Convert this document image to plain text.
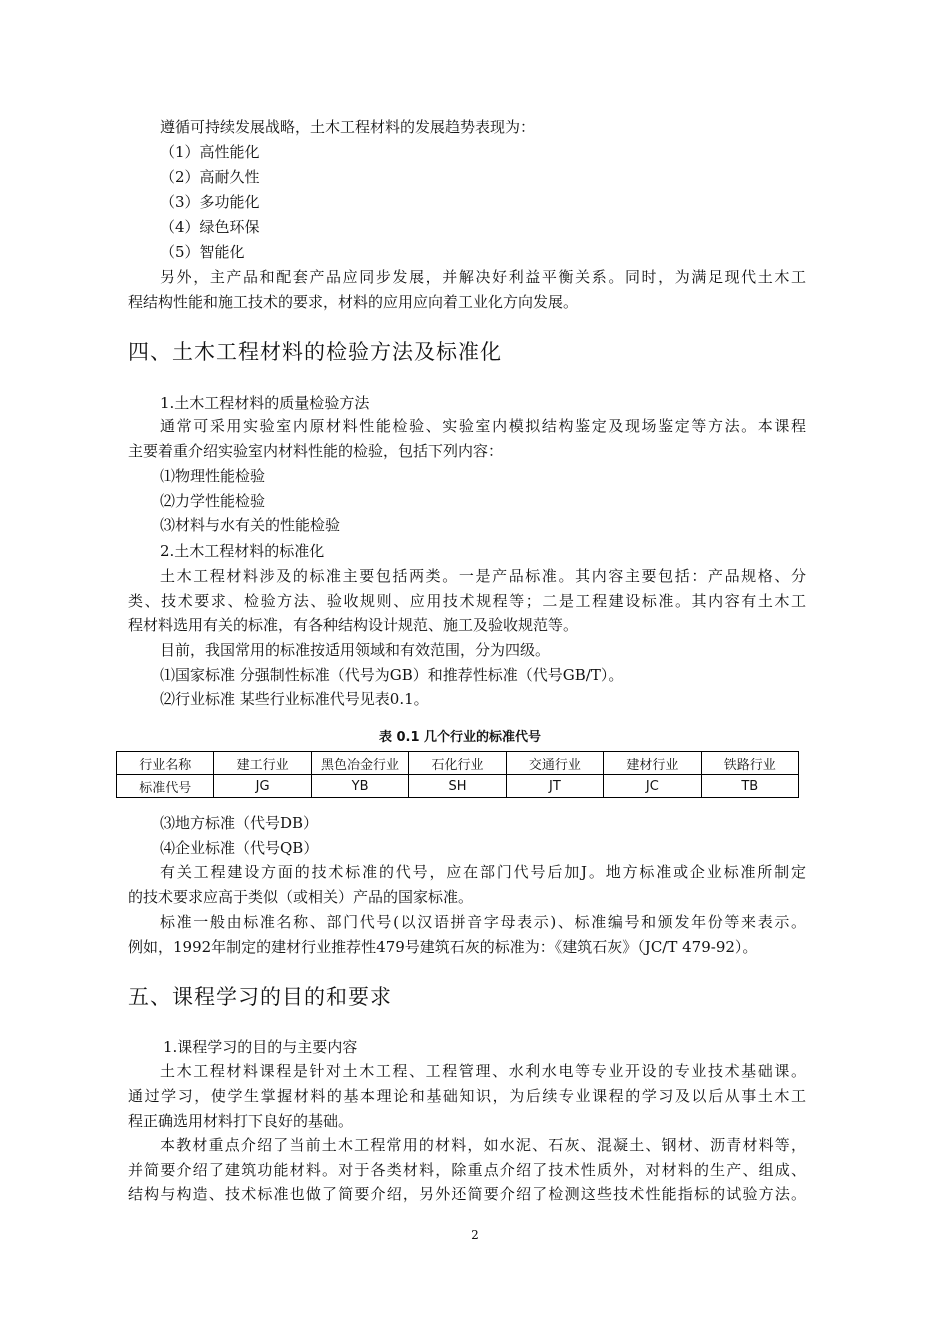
遵循可持续发展战略，土木工程材料的发展趋势表现为：
（1）高性能化
（2）高耐久性
（3）多功能化
（4）绿色环保
（5）智能化
另外，主产品和配套产品应同步发展，并解决好利益平衡关系。同时，为满足现代土木工
程结构性能和施工技术的要求，材料的应用应向着工业化方向发展。
四、土木工程材料的检验方法及标准化
1.土木工程材料的质量检验方法
通常可采用实验室内原材料性能检验、实验室内模拟结构鉴定及现场鉴定等方法。本课程
主要着重介绍实验室内材料性能的检验，包括下列内容：
⑴物理性能检验
⑵力学性能检验
⑶材料与水有关的性能检验
2.土木工程材料的标准化
土木工程材料涉及的标准主要包括两类。一是产品标准。其内容主要包括：产品规格、分
类、技术要求、检验方法、验收规则、应用技术规程等；二是工程建设标准。其内容有土木工
程材料选用有关的标准，有各种结构设计规范、施工及验收规范等。
目前，我国常用的标准按适用领域和有效范围，分为四级。
⑴国家标准 分强制性标准（代号为GB）和推荐性标准（代号GB/T）。
⑵行业标准 某些行业标准代号见表0.1。
表 0.1 几个行业的标准代号
行业名称	建工行业	黑色冶金行业	石化行业	交通行业	建材行业	铁路行业
标准代号	JG	YB	SH	JT	JC	TB
⑶地方标准（代号DB）
⑷企业标准（代号QB）
有关工程建设方面的技术标准的代号，应在部门代号后加J。地方标准或企业标准所制定
的技术要求应高于类似（或相关）产品的国家标准。
标准一般由标准名称、部门代号(以汉语拼音字母表示)、标准编号和颁发年份等来表示。
例如，1992年制定的建材行业推荐性479号建筑石灰的标准为：《建筑石灰》（JC/T 479-92）。
五、课程学习的目的和要求
1.课程学习的目的与主要内容
土木工程材料课程是针对土木工程、工程管理、水利水电等专业开设的专业技术基础课。
通过学习，使学生掌握材料的基本理论和基础知识，为后续专业课程的学习及以后从事土木工
程正确选用材料打下良好的基础。
本教材重点介绍了当前土木工程常用的材料，如水泥、石灰、混凝土、钢材、沥青材料等，
并简要介绍了建筑功能材料。对于各类材料，除重点介绍了技术性质外，对材料的生产、组成、
结构与构造、技术标准也做了简要介绍，另外还简要介绍了检测这些技术性能指标的试验方法。
2
